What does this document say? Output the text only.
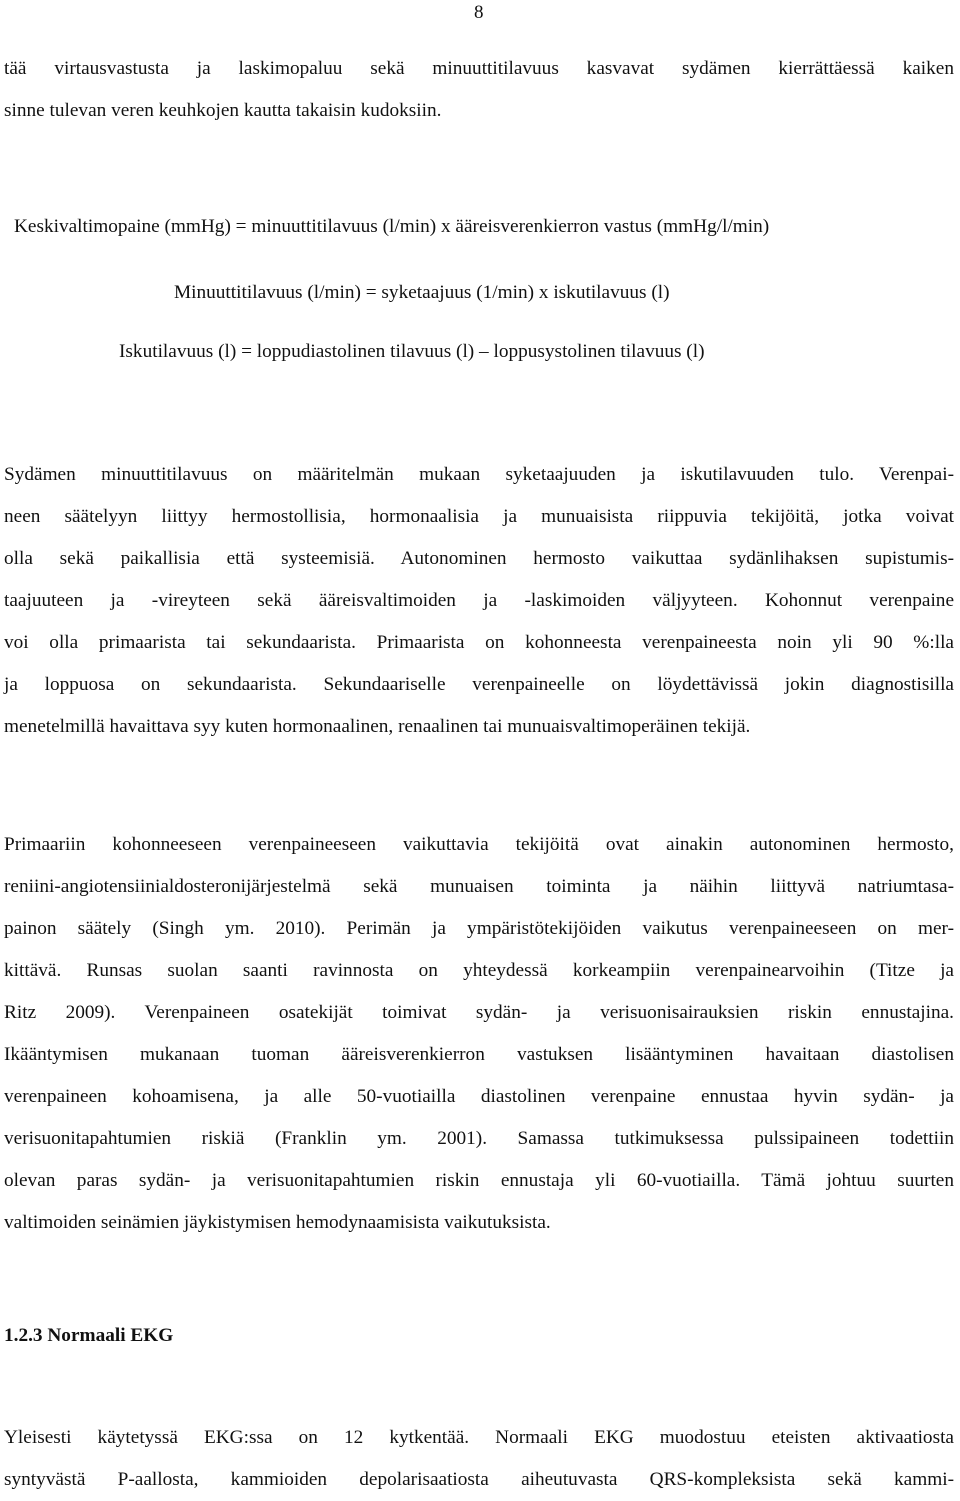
8
tää virtausvastusta ja laskimopaluu sekä minuuttitilavuus kasvavat sydämen kierrättäessä kaiken
sinne tulevan veren keuhkojen kautta takaisin kudoksiin.
Keskivaltimopaine (mmHg) = minuuttitilavuus (l/min) x ääreisverenkierron vastus (mmHg/l/min)
Minuuttitilavuus (l/min) = syketaajuus (1/min) x iskutilavuus (l)
Iskutilavuus (l) = loppudiastolinen tilavuus (l) – loppusystolinen tilavuus (l)
Sydämen minuuttitilavuus on määritelmän mukaan syketaajuuden ja iskutilavuuden tulo. Verenpai-
neen säätelyyn liittyy hermostollisia, hormonaalisia ja munuaisista riippuvia tekijöitä, jotka voivat
olla sekä paikallisia että systeemisiä. Autonominen hermosto vaikuttaa sydänlihaksen supistumis-
taajuuteen ja -vireyteen sekä ääreisvaltimoiden ja -laskimoiden väljyyteen. Kohonnut verenpaine
voi olla primaarista tai sekundaarista. Primaarista on kohonneesta verenpaineesta noin yli 90 %:lla
ja loppuosa on sekundaarista. Sekundaariselle verenpaineelle on löydettävissä jokin diagnostisilla
menetelmillä havaittava syy kuten hormonaalinen, renaalinen tai munuaisvaltimoperäinen tekijä.
Primaariin kohonneeseen verenpaineeseen vaikuttavia tekijöitä ovat ainakin autonominen hermosto,
reniini-angiotensiinialdosteronijärjestelmä sekä munuaisen toiminta ja näihin liittyvä natriumtasa-
painon säätely (Singh ym. 2010). Perimän ja ympäristötekijöiden vaikutus verenpaineeseen on mer-
kittävä. Runsas suolan saanti ravinnosta on yhteydessä korkeampiin verenpainearvoihin (Titze ja
Ritz 2009). Verenpaineen osatekijät toimivat sydän- ja verisuonisairauksien riskin ennustajina.
Ikääntymisen mukanaan tuoman ääreisverenkierron vastuksen lisääntyminen havaitaan diastolisen
verenpaineen kohoamisena, ja alle 50-vuotiailla diastolinen verenpaine ennustaa hyvin sydän- ja
verisuonitapahtumien riskiä (Franklin ym. 2001). Samassa tutkimuksessa pulssipaineen todettiin
olevan paras sydän- ja verisuonitapahtumien riskin ennustaja yli 60-vuotiailla. Tämä johtuu suurten
valtimoiden seinämien jäykistymisen hemodynaamisista vaikutuksista.
1.2.3 Normaali EKG
Yleisesti käytetyssä EKG:ssa on 12 kytkentää. Normaali EKG muodostuu eteisten aktivaatiosta
syntyvästä P-aallosta, kammioiden depolarisaatiosta aiheutuvasta QRS-kompleksista sekä kammi-
